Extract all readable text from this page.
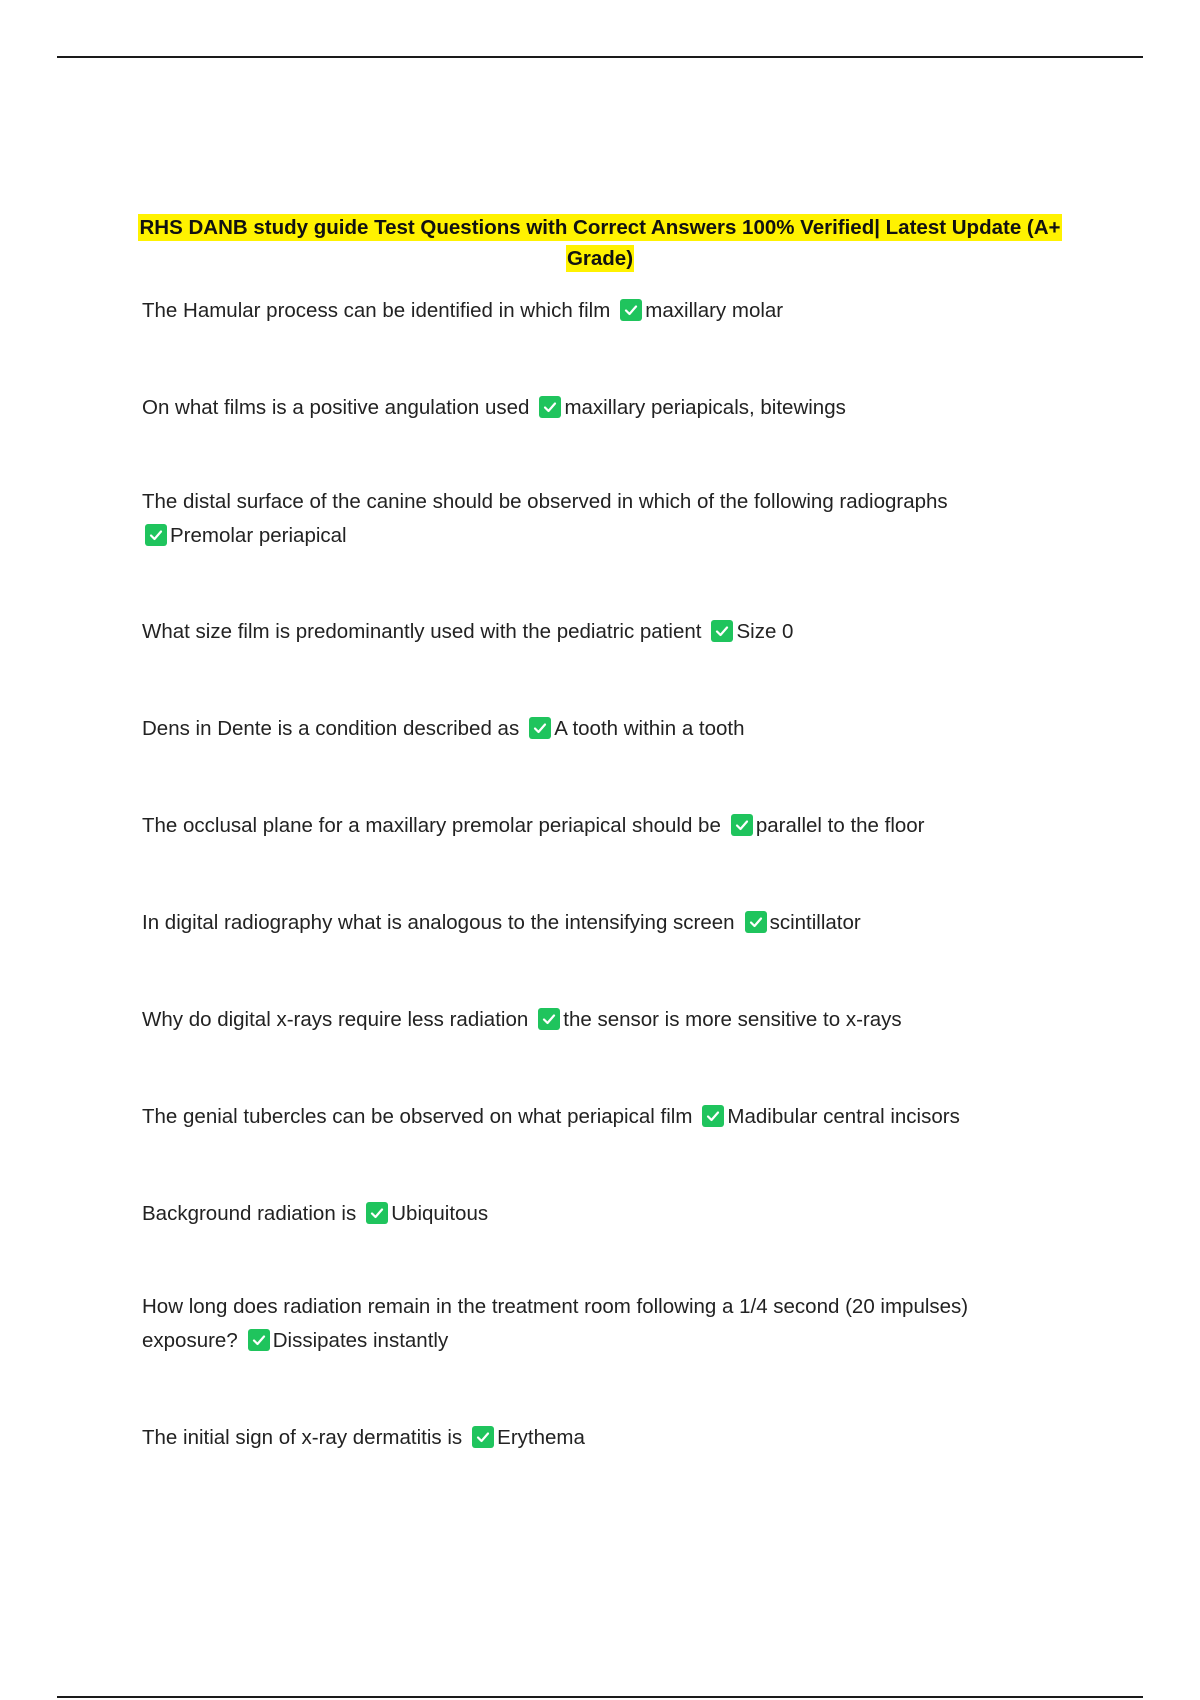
RHS DANB study guide Test Questions with Correct Answers 100% Verified| Latest Update (A+ Grade)
The Hamular process can be identified in which film maxillary molar
On what films is a positive angulation used maxillary periapicals, bitewings
The distal surface of the canine should be observed in which of the following radiographs

Premolar periapical
What size film is predominantly used with the pediatric patient Size 0
Dens in Dente is a condition described as A tooth within a tooth
The occlusal plane for a maxillary premolar periapical should be parallel to the floor
In digital radiography what is analogous to the intensifying screen scintillator
Why do digital x-rays require less radiation the sensor is more sensitive to x-rays
The genial tubercles can be observed on what periapical film Madibular central incisors
Background radiation is Ubiquitous
How long does radiation remain in the treatment room following a 1/4 second (20 impulses) exposure? Dissipates instantly
The initial sign of x-ray dermatitis is Erythema
